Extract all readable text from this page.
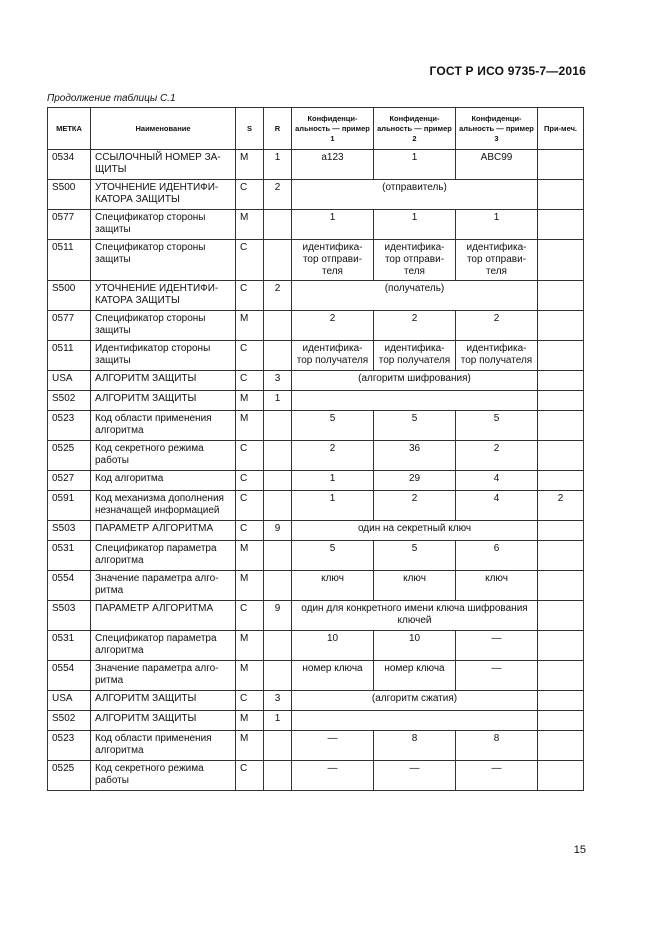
ГОСТ Р ИСО 9735-7—2016
Продолжение таблицы С.1
МЕТКА	Наименование	S	R	Конфиденци-альность — пример 1	Конфиденци-альность — пример 2	Конфиденци-альность — пример 3	При-меч.
0534	ССЫЛОЧНЫЙ НОМЕР ЗА-ЩИТЫ	M	1	a123	1	ABC99	
S500	УТОЧНЕНИЕ ИДЕНТИФИ-КАТОРА ЗАЩИТЫ	C	2	(отправитель)			
0577	Спецификатор стороны защиты	M		1	1	1	
0511	Спецификатор стороны защиты	C		идентифика-тор отправи-теля	идентифика-тор отправи-теля	идентифика-тор отправи-теля	
S500	УТОЧНЕНИЕ ИДЕНТИФИ-КАТОРА ЗАЩИТЫ	C	2	(получатель)			
0577	Спецификатор стороны защиты	M		2	2	2	
0511	Идентификатор стороны защиты	C		идентифика-тор получателя	идентифика-тор получателя	идентифика-тор получателя	
USA	АЛГОРИТМ ЗАЩИТЫ	C	3	(алгоритм шифрования)			
S502	АЛГОРИТМ ЗАЩИТЫ	M	1				
0523	Код области применения алгоритма	M		5	5	5	
0525	Код секретного режима работы	C		2	36	2	
0527	Код алгоритма	C		1	29	4	
0591	Код механизма дополнения незначащей информацией	C		1	2	4	2
S503	ПАРАМЕТР АЛГОРИТМА	C	9	один на секретный ключ			
0531	Спецификатор параметра алгоритма	M		5	5	6	
0554	Значение параметра алго-ритма	M		ключ	ключ	ключ	
S503	ПАРАМЕТР АЛГОРИТМА	C	9	один для конкретного имени ключа шифрования ключей			
0531	Спецификатор параметра алгоритма	M		10	10	—	
0554	Значение параметра алго-ритма	M		номер ключа	номер ключа	—	
USA	АЛГОРИТМ ЗАЩИТЫ	C	3	(алгоритм сжатия)			
S502	АЛГОРИТМ ЗАЩИТЫ	M	1				
0523	Код области применения алгоритма	M		—	8	8	
0525	Код секретного режима работы	C		—	—	—	
15
